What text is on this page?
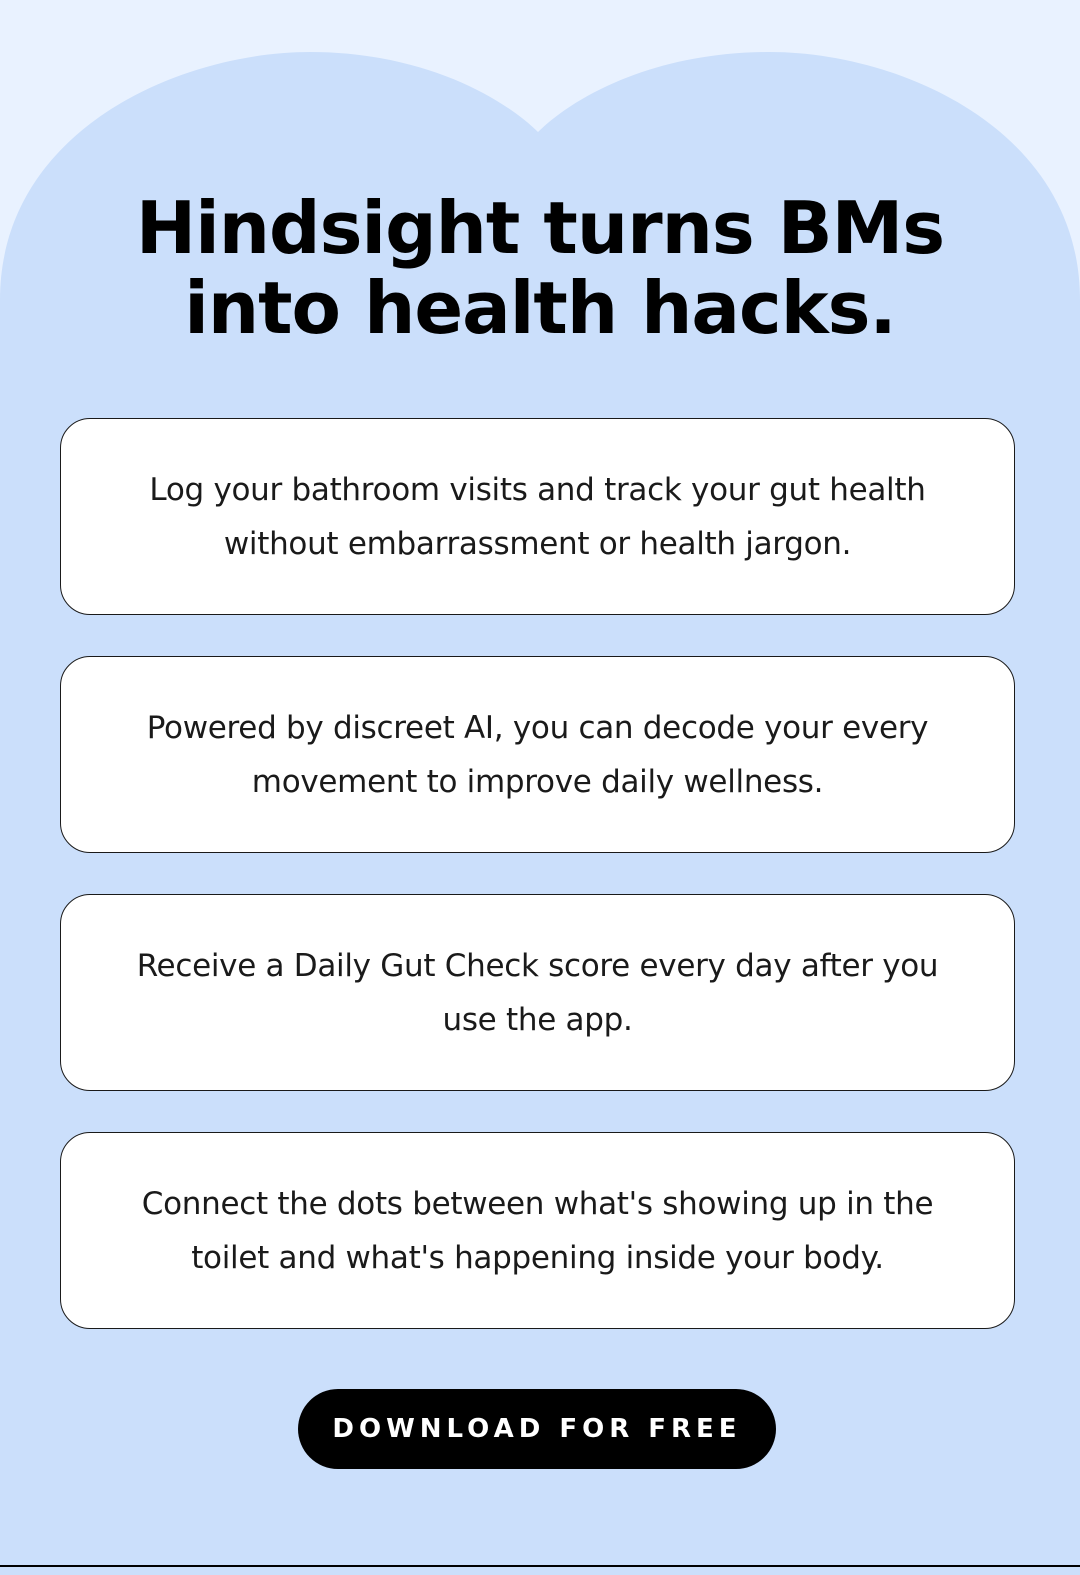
Hindsight turns BMs
into health hacks.
Log your bathroom visits and track your gut health without embarrassment or health jargon.
Powered by discreet AI, you can decode your every movement to improve daily wellness.
Receive a Daily Gut Check score every day after you use the app.
Connect the dots between what's showing up in the toilet and what's happening inside your body.
DOWNLOAD FOR FREE
